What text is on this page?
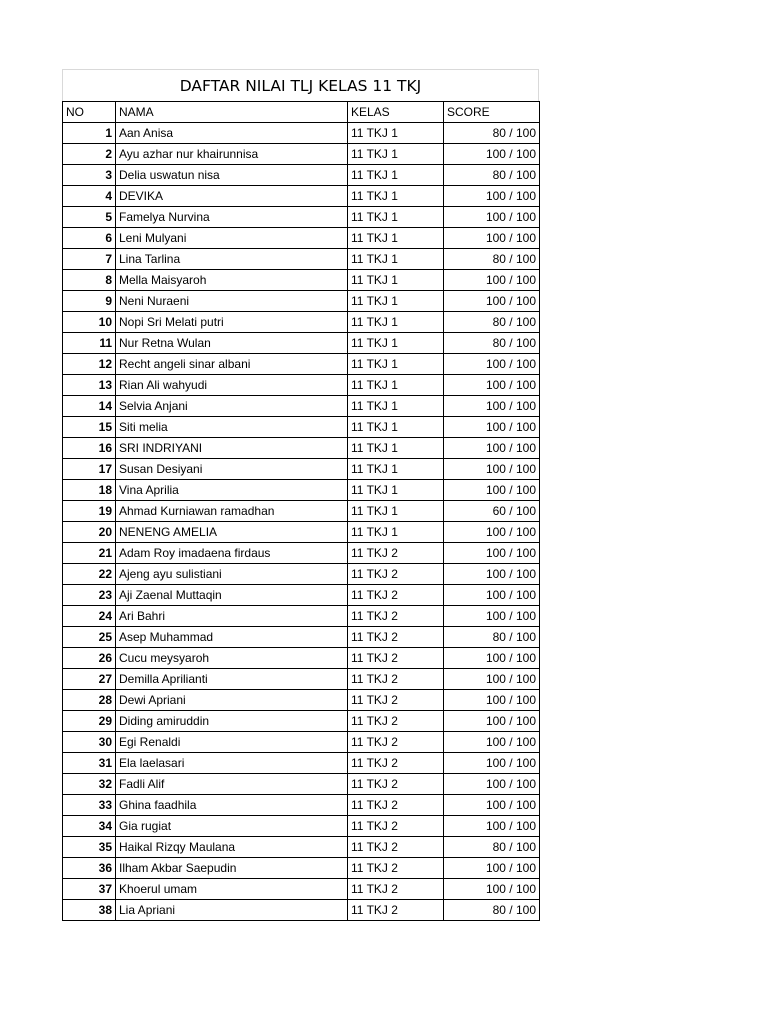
DAFTAR NILAI TLJ KELAS 11 TKJ
NO	NAMA	KELAS	SCORE
1	Aan Anisa	11 TKJ 1	80 / 100
2	Ayu azhar nur khairunnisa	11 TKJ 1	100 / 100
3	Delia uswatun nisa	11 TKJ 1	80 / 100
4	DEVIKA	11 TKJ 1	100 / 100
5	Famelya Nurvina	11 TKJ 1	100 / 100
6	Leni Mulyani	11 TKJ 1	100 / 100
7	Lina Tarlina	11 TKJ 1	80 / 100
8	Mella Maisyaroh	11 TKJ 1	100 / 100
9	Neni Nuraeni	11 TKJ 1	100 / 100
10	Nopi Sri Melati putri	11 TKJ 1	80 / 100
11	Nur Retna Wulan	11 TKJ 1	80 / 100
12	Recht angeli sinar albani	11 TKJ 1	100 / 100
13	Rian Ali wahyudi	11 TKJ 1	100 / 100
14	Selvia Anjani	11 TKJ 1	100 / 100
15	Siti melia	11 TKJ 1	100 / 100
16	SRI INDRIYANI	11 TKJ 1	100 / 100
17	Susan Desiyani	11 TKJ 1	100 / 100
18	Vina Aprilia	11 TKJ 1	100 / 100
19	Ahmad Kurniawan ramadhan	11 TKJ 1	60 / 100
20	NENENG AMELIA	11 TKJ 1	100 / 100
21	Adam Roy imadaena firdaus	11 TKJ 2	100 / 100
22	Ajeng ayu sulistiani	11 TKJ 2	100 / 100
23	Aji Zaenal Muttaqin	11 TKJ 2	100 / 100
24	Ari Bahri	11 TKJ 2	100 / 100
25	Asep Muhammad	11 TKJ 2	80 / 100
26	Cucu meysyaroh	11 TKJ 2	100 / 100
27	Demilla Aprilianti	11 TKJ 2	100 / 100
28	Dewi Apriani	11 TKJ 2	100 / 100
29	Diding amiruddin	11 TKJ 2	100 / 100
30	Egi Renaldi	11 TKJ 2	100 / 100
31	Ela laelasari	11 TKJ 2	100 / 100
32	Fadli Alif	11 TKJ 2	100 / 100
33	Ghina faadhila	11 TKJ 2	100 / 100
34	Gia rugiat	11 TKJ 2	100 / 100
35	Haikal Rizqy Maulana	11 TKJ 2	80 / 100
36	Ilham Akbar Saepudin	11 TKJ 2	100 / 100
37	Khoerul umam	11 TKJ 2	100 / 100
38	Lia Apriani	11 TKJ 2	80 / 100
